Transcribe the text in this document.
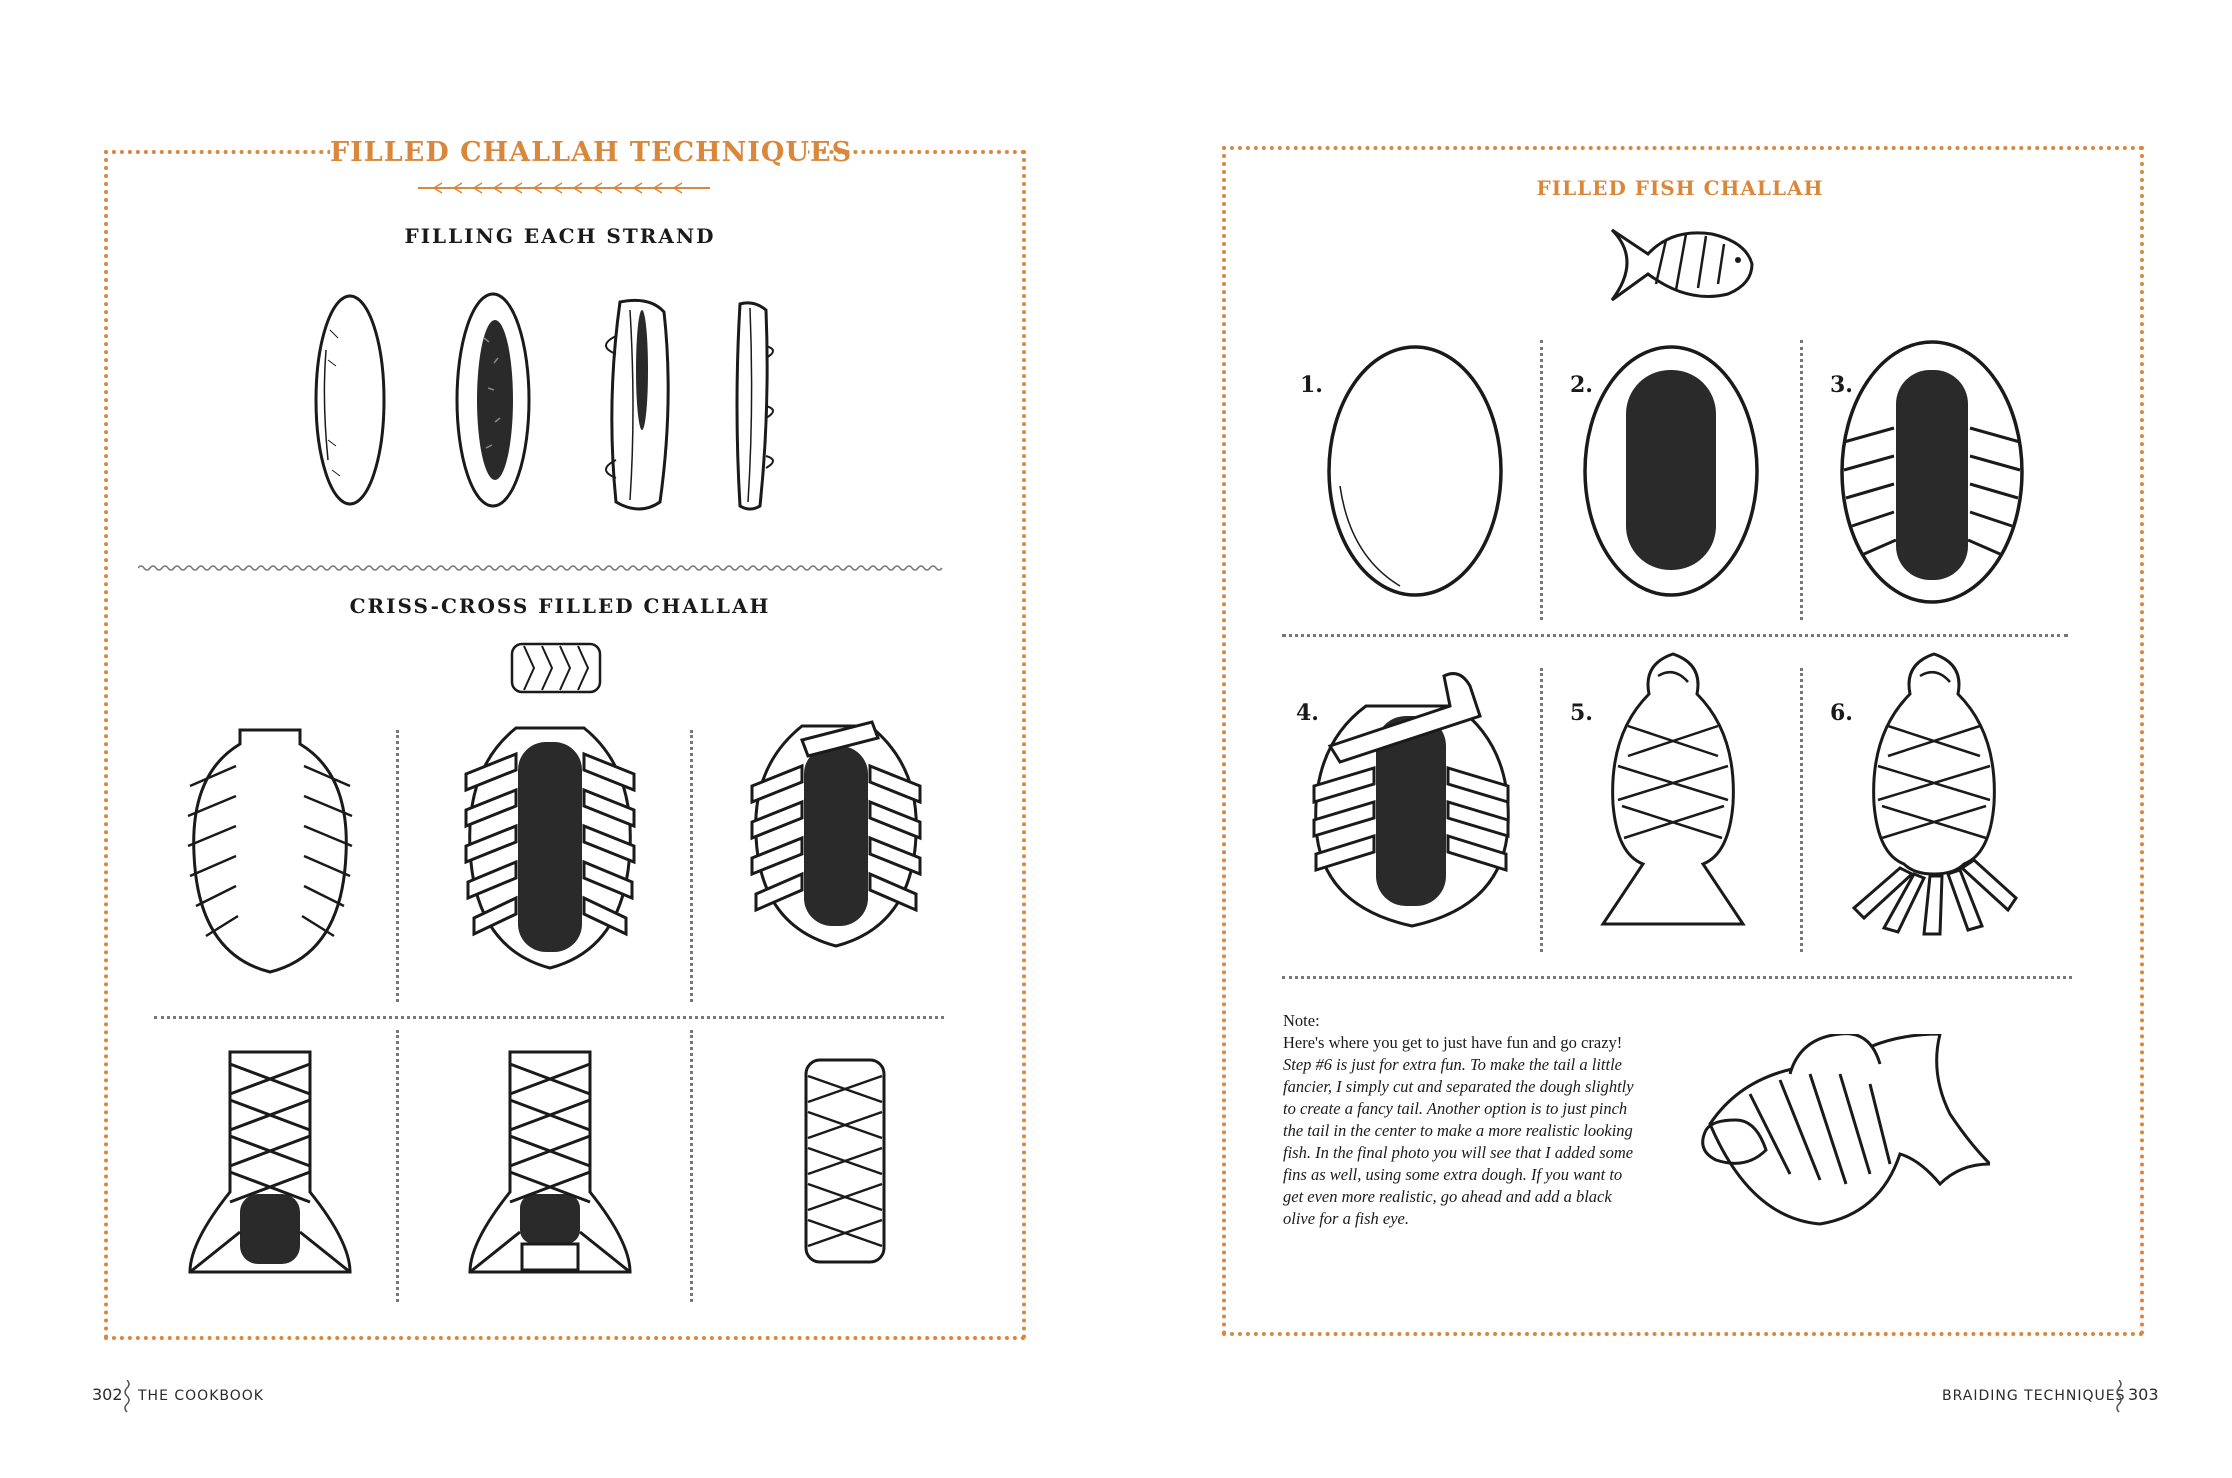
FILLED CHALLAH TECHNIQUES
FILLING EACH STRAND
CRISS-CROSS FILLED CHALLAH
FILLED FISH CHALLAH
1.	2.	3.
4.	5.	6.

Note:

Here's where you get to just have fun and go crazy!

Step #6 is just for extra fun. To make the tail a little fancier, I simply cut and separated the dough slightly to create a fancy tail. Another option is to just pinch the tail in the center to make a more realistic looking fish. In the final photo you will see that I added some fins as well, using some extra dough. If you want to get even more realistic, go ahead and add a black olive for a fish eye.

302 THE COOKBOOK	BRAIDING TECHNIQUES 303
